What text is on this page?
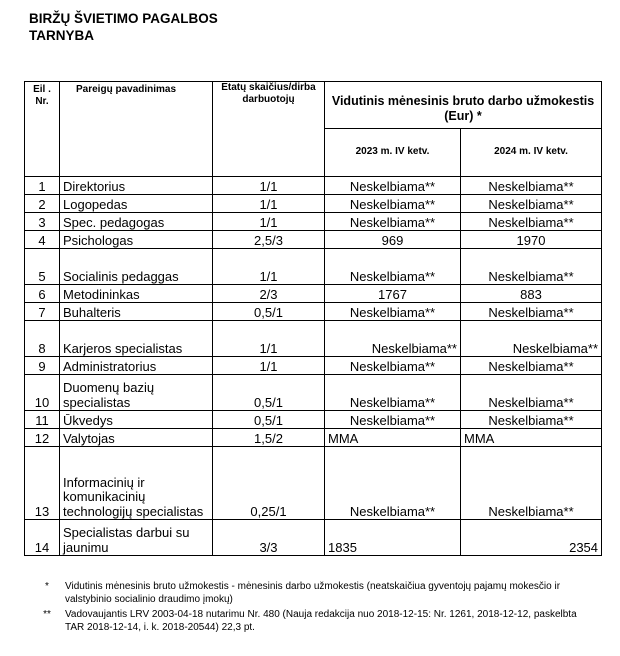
BIRŽŲ ŠVIETIMO PAGALBOS
TARNYBA
Eil . Nr.	Pareigų pavadinimas	Etatų skaičius/dirba darbuotojų	Vidutinis mėnesinis bruto darbo užmokestis (Eur) *	
			2023 m. IV ketv.	2024 m. IV ketv.
1	Direktorius	1/1	Neskelbiama**	Neskelbiama**
2	Logopedas	1/1	Neskelbiama**	Neskelbiama**
3	Spec. pedagogas	1/1	Neskelbiama**	Neskelbiama**
4	Psichologas	2,5/3	969	1970
5	Socialinis pedaggas	1/1	Neskelbiama**	Neskelbiama**
6	Metodininkas	2/3	1767	883
7	Buhalteris	0,5/1	Neskelbiama**	Neskelbiama**
8	Karjeros specialistas	1/1	Neskelbiama**	Neskelbiama**
9	Administratorius	1/1	Neskelbiama**	Neskelbiama**
10	Duomenų bazių specialistas	0,5/1	Neskelbiama**	Neskelbiama**
11	Ūkvedys	0,5/1	Neskelbiama**	Neskelbiama**
12	Valytojas	1,5/2	MMA	MMA
13	Informacinių ir komunikacinių technologijų specialistas	0,25/1	Neskelbiama**	Neskelbiama**
14	Specialistas darbui su jaunimu	3/3	1835	2354
*	Vidutinis mėnesinis bruto užmokestis - mėnesinis darbo užmokestis (neatskaičiua gyventojų pajamų mokesčio ir valstybinio socialinio draudimo įmokų)
**	Vadovaujantis LRV 2003-04-18 nutarimu Nr. 480 (Nauja redakcija nuo 2018-12-15: Nr. 1261, 2018-12-12, paskelbta TAR 2018-12-14, i. k. 2018-20544) 22,3 pt.
